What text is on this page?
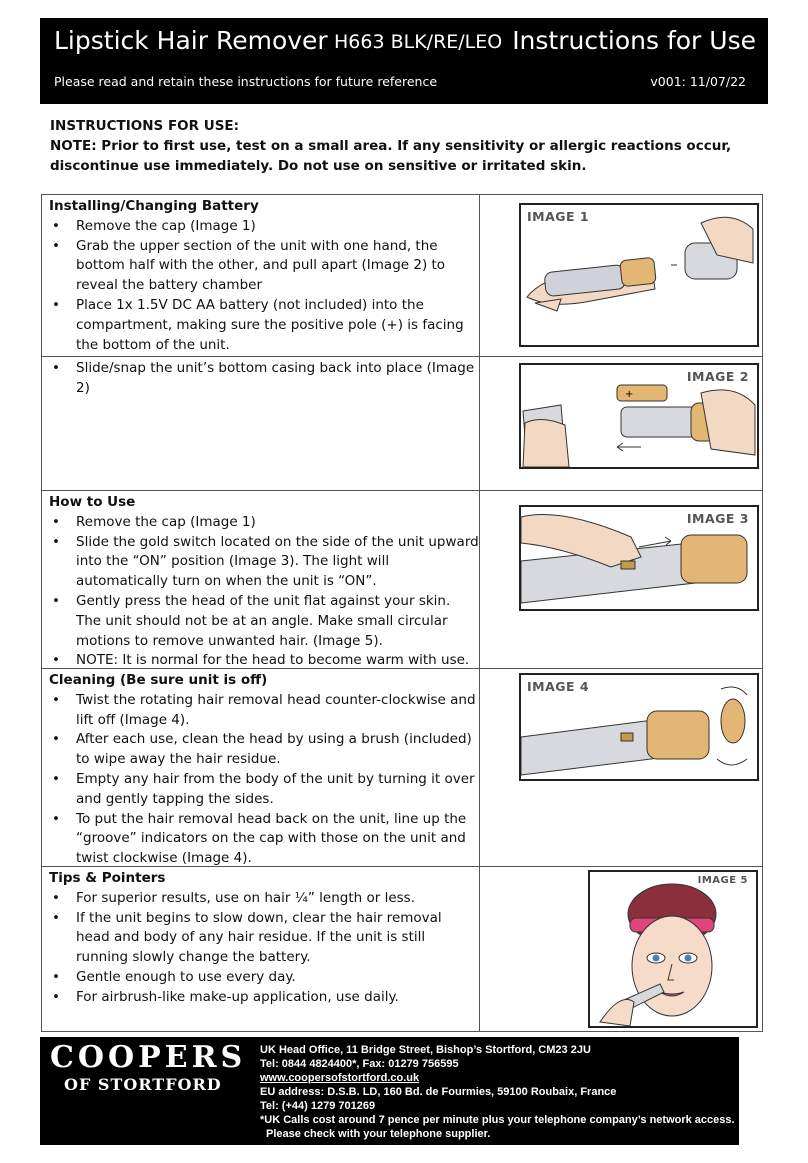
Lipstick Hair Remover H663 BLK/RE/LEO Instructions for Use
Please read and retain these instructions for future reference	v001: 11/07/22
INSTRUCTIONS FOR USE:
NOTE: Prior to first use, test on a small area. If any sensitivity or allergic reactions occur, discontinue use immediately. Do not use on sensitive or irritated skin.
Installing/Changing Battery
• Remove the cap (Image 1)
• Grab the upper section of the unit with one hand, the bottom half with the other, and pull apart (Image 2) to reveal the battery chamber
• Place 1x 1.5V DC AA battery (not included) into the compartment, making sure the positive pole (+) is facing the bottom of the unit.
IMAGE 1
• Slide/snap the unit’s bottom casing back into place (Image 2)
IMAGE 2
+
How to Use
• Remove the cap (Image 1)
• Slide the gold switch located on the side of the unit upward into the “ON” position (Image 3). The light will automatically turn on when the unit is “ON”.
• Gently press the head of the unit flat against your skin. The unit should not be at an angle. Make small circular motions to remove unwanted hair. (Image 5).
• NOTE: It is normal for the head to become warm with use.
IMAGE 3
Cleaning (Be sure unit is off)
• Twist the rotating hair removal head counter-clockwise and lift off (Image 4).
• After each use, clean the head by using a brush (included) to wipe away the hair residue.
• Empty any hair from the body of the unit by turning it over and gently tapping the sides.
• To put the hair removal head back on the unit, line up the “groove” indicators on the cap with those on the unit and twist clockwise (Image 4).
IMAGE 4
Tips & Pointers
• For superior results, use on hair ¼” length or less.
• If the unit begins to slow down, clear the hair removal head and body of any hair residue. If the unit is still running slowly change the battery.
• Gentle enough to use every day.
• For airbrush-like make-up application, use daily.
IMAGE 5
COOPERS
OF STORTFORD
UK Head Office, 11 Bridge Street, Bishop’s Stortford, CM23 2JU
Tel: 0844 4824400*, Fax: 01279 756595
www.coopersofstortford.co.uk
EU address: D.S.B. LD, 160 Bd. de Fourmies, 59100 Roubaix, France
Tel: (+44) 1279 701269
*UK Calls cost around 7 pence per minute plus your telephone company’s network access.
Please check with your telephone supplier.
